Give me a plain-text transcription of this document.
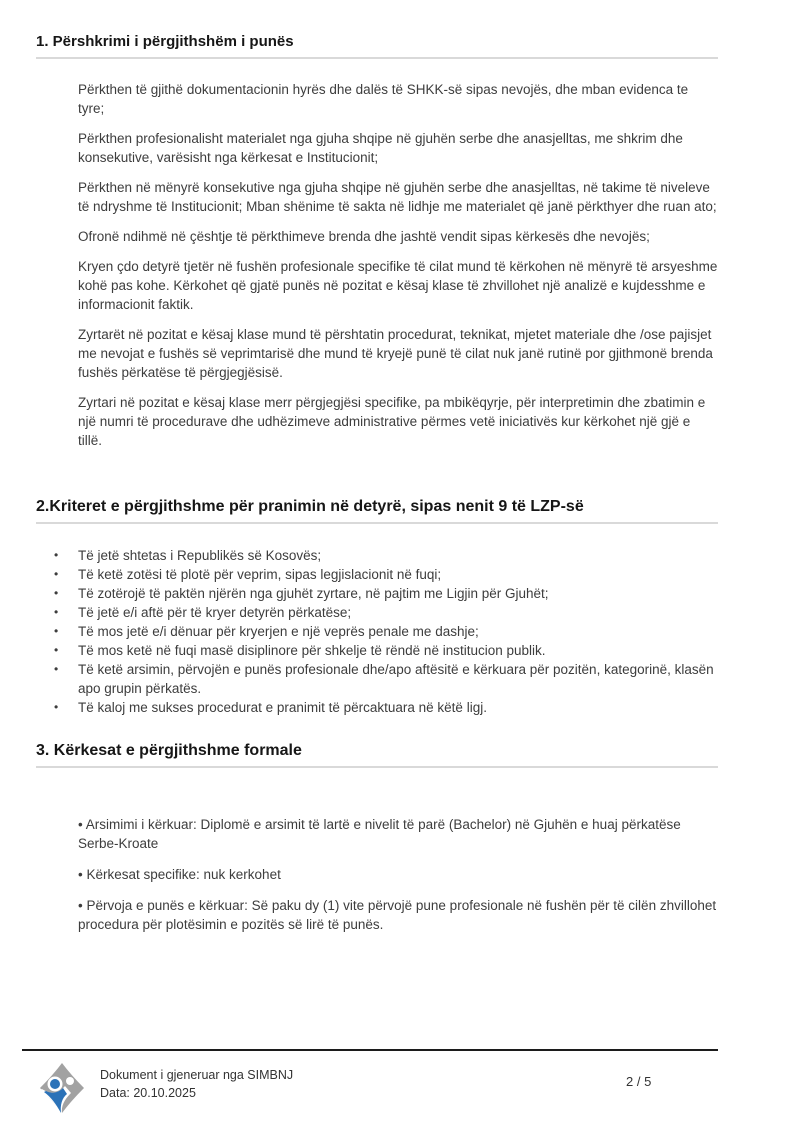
1. Përshkrimi i përgjithshëm i punës

Përkthen të gjithë dokumentacionin hyrës dhe dalës të SHKK-së sipas nevojës, dhe mban evidenca te tyre;

Përkthen profesionalisht materialet nga gjuha shqipe në gjuhën serbe dhe anasjelltas, me shkrim dhe konsekutive, varësisht nga kërkesat e Institucionit;

Përkthen në mënyrë konsekutive nga gjuha shqipe në gjuhën serbe dhe anasjelltas, në takime të niveleve të ndryshme të Institucionit; Mban shënime të sakta në lidhje me materialet që janë përkthyer dhe ruan ato;

Ofronë ndihmë në çështje të përkthimeve brenda dhe jashtë vendit sipas kërkesës dhe nevojës;

Kryen çdo detyrë tjetër në fushën profesionale specifike të cilat mund të kërkohen në mënyrë të arsyeshme kohë pas kohe. Kërkohet që gjatë punës në pozitat e kësaj klase të zhvillohet një analizë e kujdesshme e informacionit faktik.

Zyrtarët në pozitat e kësaj klase mund të përshtatin procedurat, teknikat, mjetet materiale dhe /ose pajisjet me nevojat e fushës së veprimtarisë dhe mund të kryejë punë të cilat nuk janë rutinë por gjithmonë brenda fushës përkatëse të përgjegjësisë.

Zyrtari në pozitat e kësaj klase merr përgjegjësi specifike, pa mbikëqyrje, për interpretimin dhe zbatimin e një numri të procedurave dhe udhëzimeve administrative përmes vetë iniciativës kur kërkohet një gjë e tillë.

2.Kriteret e përgjithshme për pranimin në detyrë, sipas nenit 9 të LZP-së
• Të jetë shtetas i Republikës së Kosovës;
• Të ketë zotësi të plotë për veprim, sipas legjislacionit në fuqi;
• Të zotërojë të paktën njërën nga gjuhët zyrtare, në pajtim me Ligjin për Gjuhët;
• Të jetë e/i aftë për të kryer detyrën përkatëse;
• Të mos jetë e/i dënuar për kryerjen e një veprës penale me dashje;
• Të mos ketë në fuqi masë disiplinore për shkelje të rëndë në institucion publik.
• Të ketë arsimin, përvojën e punës profesionale dhe/apo aftësitë e kërkuara për pozitën, kategorinë, klasën apo grupin përkatës.
• Të kaloj me sukses procedurat e pranimit të përcaktuara në këtë ligj.
3. Kërkesat e përgjithshme formale

• Arsimimi i kërkuar: Diplomë e arsimit të lartë e nivelit të parë (Bachelor) në Gjuhën e huaj përkatëse Serbe-Kroate

• Kërkesat specifike: nuk kerkohet

• Përvoja e punës e kërkuar: Së paku dy (1) vite përvojë pune profesionale në fushën për të cilën zhvillohet procedura për plotësimin e pozitës së lirë të punës.

Dokument i gjeneruar nga SIMBNJ
Data: 20.10.2025
2 / 5
